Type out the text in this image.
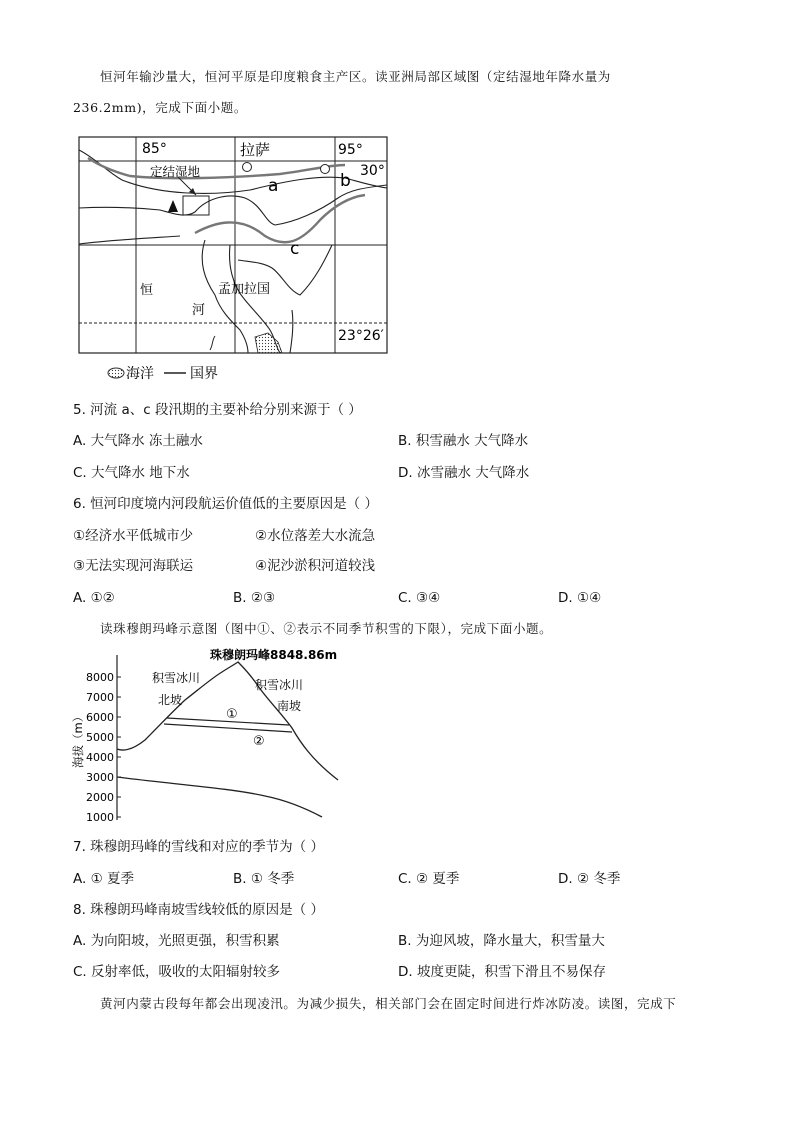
恒河年输沙量大，恒河平原是印度粮食主产区。读亚洲局部区域图（定结湿地年降水量为
236.2mm)，完成下面小题。
85°	拉萨	95°
30°
定结湿地
a	b
c
恒
河
孟加拉国
23°26′
海洋	国界
5. 河流 a、c 段汛期的主要补给分别来源于（ ）
A. 大气降水 冻土融水	B. 积雪融水 大气降水
C. 大气降水 地下水	D. 冰雪融水 大气降水
6. 恒河印度境内河段航运价值低的主要原因是（ ）
①经济水平低城市少	②水位落差大水流急
③无法实现河海联运	④泥沙淤积河道较浅
A. ①②	B. ②③	C. ③④	D. ①④
读珠穆朗玛峰示意图（图中①、②表示不同季节积雪的下限），完成下面小题。
8000
7000
6000
5000
4000
3000
2000
1000
海拔（m）
珠穆朗玛峰8848.86m
积雪冰川	积雪冰川
北坡	南坡
①
②
7. 珠穆朗玛峰的雪线和对应的季节为（ ）
A. ① 夏季	B. ① 冬季	C. ② 夏季	D. ② 冬季
8. 珠穆朗玛峰南坡雪线较低的原因是（ ）
A. 为向阳坡，光照更强，积雪积累	B. 为迎风坡，降水量大，积雪量大
C. 反射率低，吸收的太阳辐射较多	D. 坡度更陡，积雪下滑且不易保存
黄河内蒙古段每年都会出现凌汛。为减少损失，相关部门会在固定时间进行炸冰防凌。读图，完成下
